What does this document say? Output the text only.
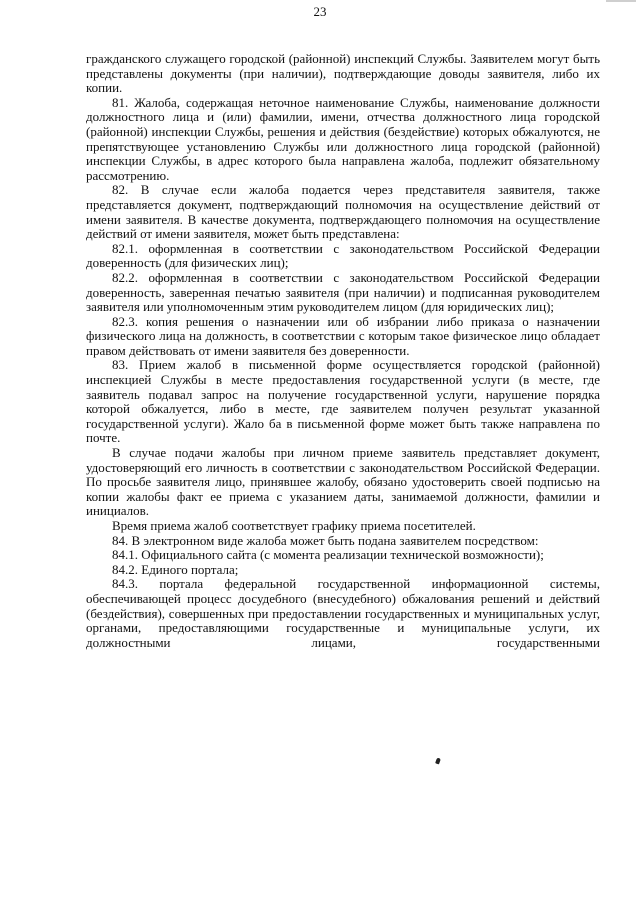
23

гражданского служащего городской (районной) инспекций Службы. Заявителем могут быть представлены документы (при наличии), подтверждающие доводы заявителя, либо их копии.

81. Жалоба, содержащая неточное наименование Службы, наименование должности должностного лица и (или) фамилии, имени, отчества должностного лица городской (районной) инспекции Службы, решения и действия (бездействие) которых обжалуются, не препятствующее установлению Службы или должностного лица городской (районной) инспекции Службы, в адрес которого была направлена жалоба, подлежит обязательному рассмотрению.

82. В случае если жалоба подается через представителя заявителя, также представляется документ, подтверждающий полномочия на осуществление действий от имени заявителя. В качестве документа, подтверждающего полномочия на осуществление действий от имени заявителя, может быть представлена:

82.1. оформленная в соответствии с законодательством Российской Федерации доверенность (для физических лиц);

82.2. оформленная в соответствии с законодательством Российской Федерации доверенность, заверенная печатью заявителя (при наличии) и подписанная руководителем заявителя или уполномоченным этим руководителем лицом (для юридических лиц);

82.3. копия решения о назначении или об избрании либо приказа о назначении физического лица на должность, в соответствии с которым такое физическое лицо обладает правом действовать от имени заявителя без доверенности.

83. Прием жалоб в письменной форме осуществляется городской (районной) инспекцией Службы в месте предоставления государственной услуги (в месте, где заявитель подавал запрос на получение государственной услуги, нарушение порядка которой обжалуется, либо в месте, где заявителем получен результат указанной государственной услуги). Жало ба в письменной форме может быть также направлена по почте.

В случае подачи жалобы при личном приеме заявитель представляет документ, удостоверяющий его личность в соответствии с законодательством Российской Федерации. По просьбе заявителя лицо, принявшее жалобу, обязано удостоверить своей подписью на копии жалобы факт ее приема с указанием даты, занимаемой должности, фамилии и инициалов.

Время приема жалоб соответствует графику приема посетителей.

84. В электронном виде жалоба может быть подана заявителем посредством:

84.1. Официального сайта (с момента реализации технической возможности);

84.2. Единого портала;

84.3. портала федеральной государственной информационной системы, обеспечивающей процесс досудебного (внесудебного) обжалования решений и действий (бездействия), совершенных при предоставлении государственных и муниципальных услуг, органами, предоставляющими государственные и муниципальные услуги, их должностными лицами, государственными
